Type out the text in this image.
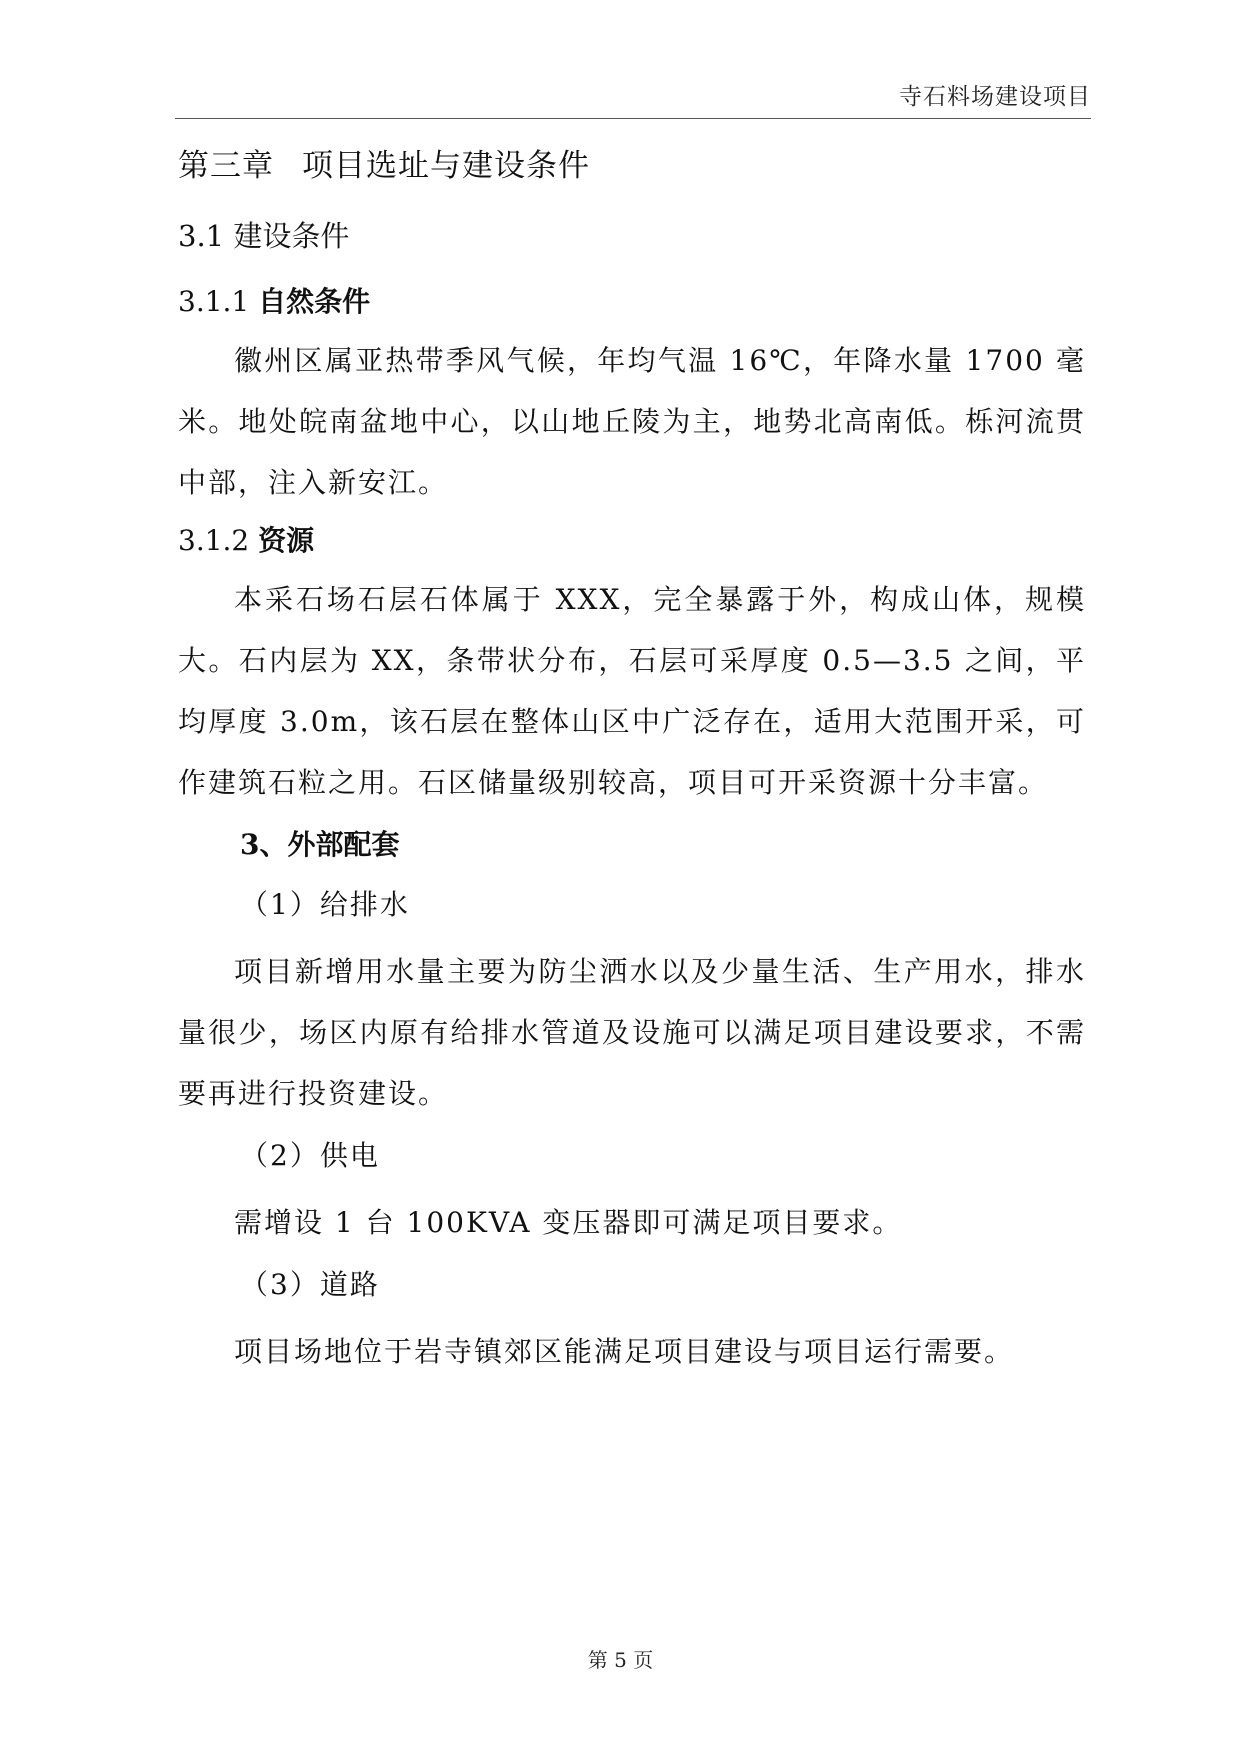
寺石料场建设项目
第三章 项目选址与建设条件
3.1 建设条件
3.1.1 自然条件

徽州区属亚热带季风气候，年均气温 16℃，年降水量 1700 毫米。地处皖南盆地中心，以山地丘陵为主，地势北高南低。栎河流贯中部，注入新安江。

3.1.2 资源

本采石场石层石体属于 XXX，完全暴露于外，构成山体，规模大。石内层为 XX，条带状分布，石层可采厚度 0.5—3.5 之间，平均厚度 3.0m，该石层在整体山区中广泛存在，适用大范围开采，可作建筑石粒之用。石区储量级别较高，项目可开采资源十分丰富。

3、外部配套
（1）给排水

项目新增用水量主要为防尘洒水以及少量生活、生产用水，排水量很少，场区内原有给排水管道及设施可以满足项目建设要求，不需要再进行投资建设。

（2）供电

需增设 1 台 100KVA 变压器即可满足项目要求。

（3）道路

项目场地位于岩寺镇郊区能满足项目建设与项目运行需要。

第 5 页
